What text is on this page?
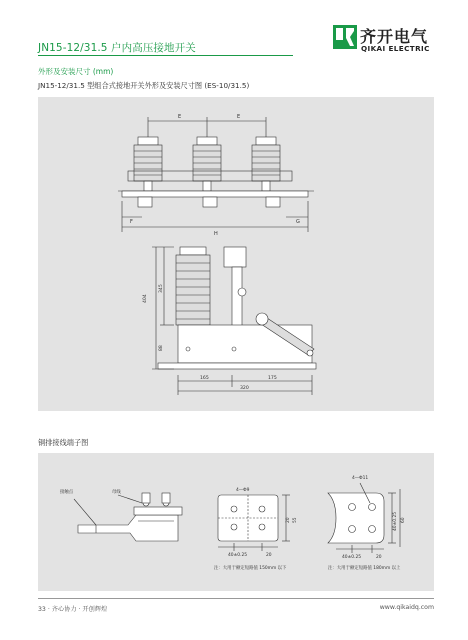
JN15-12/31.5 户内高压接地开关
齐开电气
QIKAI ELECTRIC
外形及安装尺寸 (mm)
JN15-12/31.5 型组合式接地开关外形及安装尺寸图 (ES-10/31.5)
E	E
H
F	G
404
345
88
165	175
320
铜排接线端子图
接触点	母线	4—Φ9
20 55
40±0.25	20
注：大用于额定短路值 150mm 以下
4—Φ11
40±0.25 60
40±0.25	20
注：大用于额定短路值 180mm 以上
33 · 齐心协力 · 开创辉煌	www.qikaidq.com
